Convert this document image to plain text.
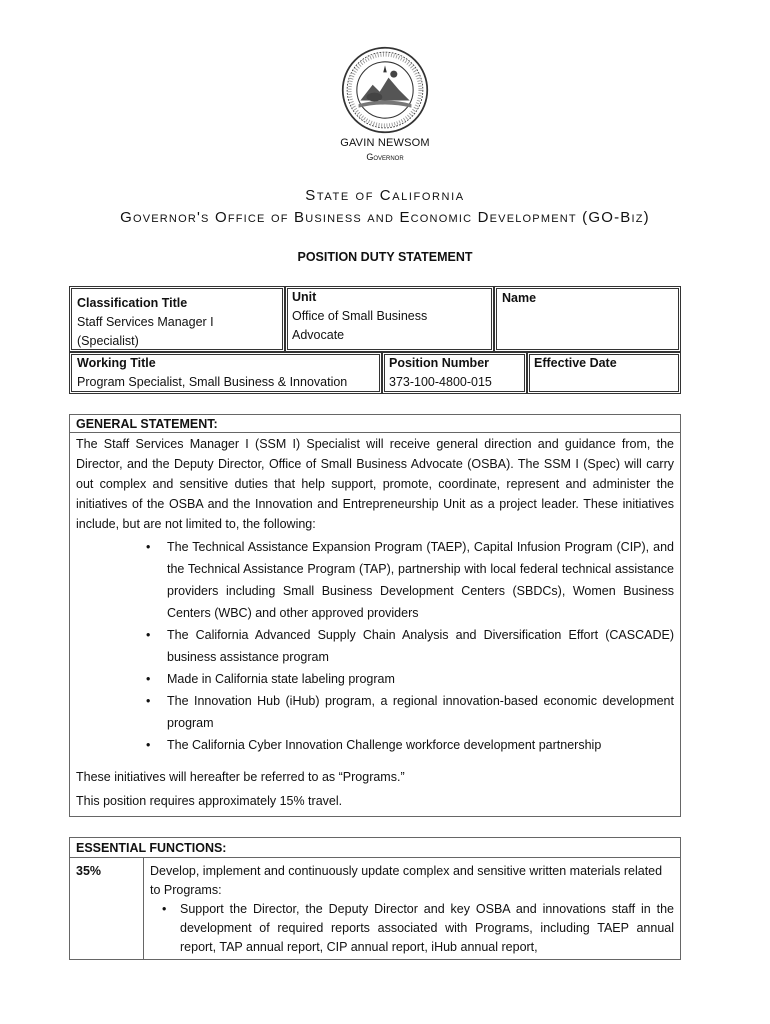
GAVIN NEWSOM
Governor
State of California
Governor's Office of Business and Economic Development (GO-Biz)
POSITION DUTY STATEMENT
Classification Title
Staff Services Manager I (Specialist)
Unit
Office of Small Business Advocate
Name
Working Title
Program Specialist, Small Business & Innovation
Position Number
373-100-4800-015
Effective Date
GENERAL STATEMENT:
The Staff Services Manager I (SSM I) Specialist will receive general direction and guidance from, the Director, and the Deputy Director, Office of Small Business Advocate (OSBA). The SSM I (Spec) will carry out complex and sensitive duties that help support, promote, coordinate, represent and administer the initiatives of the OSBA and the Innovation and Entrepreneurship Unit as a project leader. These initiatives include, but are not limited to, the following:
• The Technical Assistance Expansion Program (TAEP), Capital Infusion Program (CIP), and the Technical Assistance Program (TAP), partnership with local federal technical assistance providers including Small Business Development Centers (SBDCs), Women Business Centers (WBC) and other approved providers
• The California Advanced Supply Chain Analysis and Diversification Effort (CASCADE) business assistance program
• Made in California state labeling program
• The Innovation Hub (iHub) program, a regional innovation-based economic development program
• The California Cyber Innovation Challenge workforce development partnership
These initiatives will hereafter be referred to as “Programs.”
This position requires approximately 15% travel.
ESSENTIAL FUNCTIONS:
35%	Develop, implement and continuously update complex and sensitive written materials related to Programs:
• Support the Director, the Deputy Director and key OSBA and innovations staff in the development of required reports associated with Programs, including TAEP annual report, TAP annual report, CIP annual report, iHub annual report,
